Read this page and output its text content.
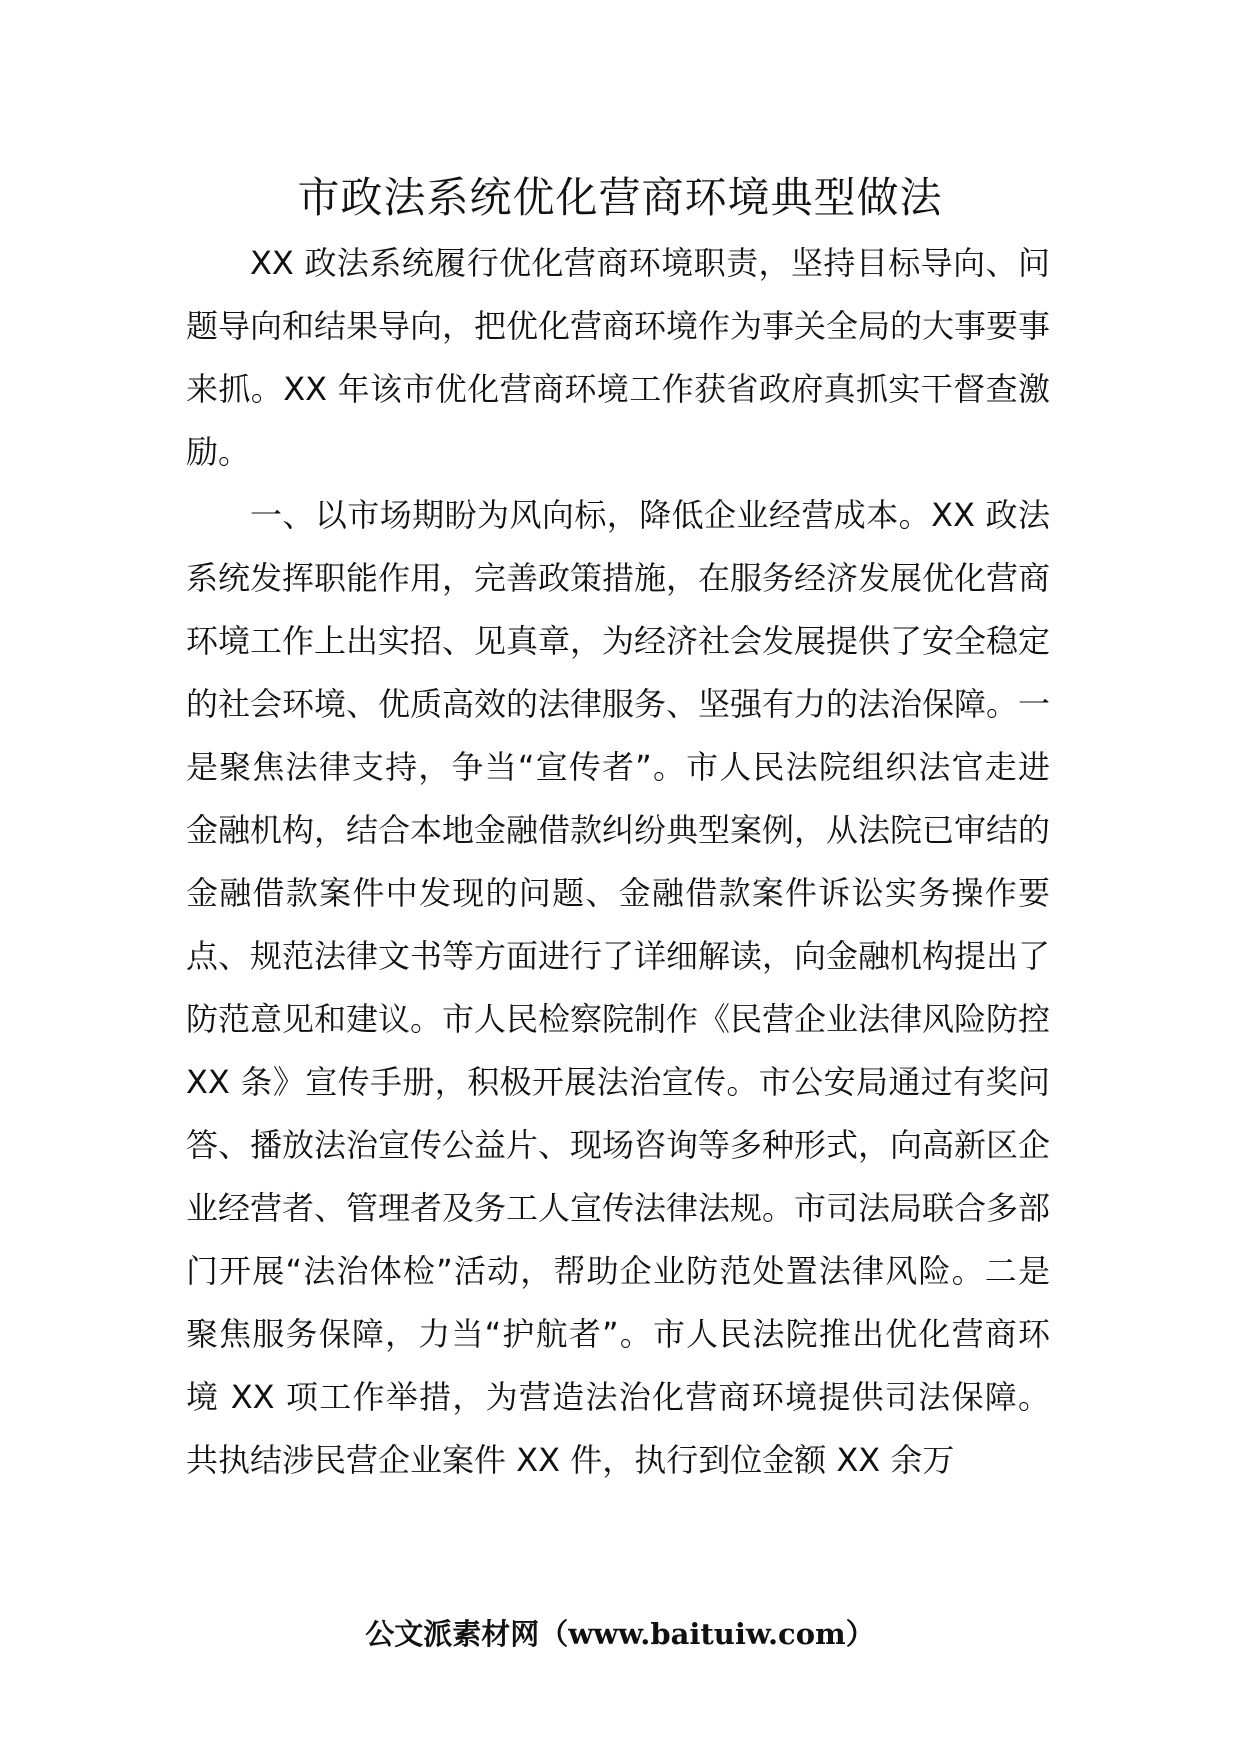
市政法系统优化营商环境典型做法

XX 政法系统履行优化营商环境职责，坚持目标导向、问题导向和结果导向，把优化营商环境作为事关全局的大事要事来抓。XX 年该市优化营商环境工作获省政府真抓实干督查激励。

一、以市场期盼为风向标，降低企业经营成本。XX 政法系统发挥职能作用，完善政策措施，在服务经济发展优化营商环境工作上出实招、见真章，为经济社会发展提供了安全稳定的社会环境、优质高效的法律服务、坚强有力的法治保障。一是聚焦法律支持，争当“宣传者”。市人民法院组织法官走进金融机构，结合本地金融借款纠纷典型案例，从法院已审结的金融借款案件中发现的问题、金融借款案件诉讼实务操作要点、规范法律文书等方面进行了详细解读，向金融机构提出了防范意见和建议。市人民检察院制作《民营企业法律风险防控 XX 条》宣传手册，积极开展法治宣传。市公安局通过有奖问答、播放法治宣传公益片、现场咨询等多种形式，向高新区企业经营者、管理者及务工人宣传法律法规。市司法局联合多部门开展“法治体检”活动，帮助企业防范处置法律风险。二是聚焦服务保障，力当“护航者”。市人民法院推出优化营商环境 XX 项工作举措，为营造法治化营商环境提供司法保障。共执结涉民营企业案件 XX 件，执行到位金额 XX 余万

公文派素材网（www.baituiw.com）
